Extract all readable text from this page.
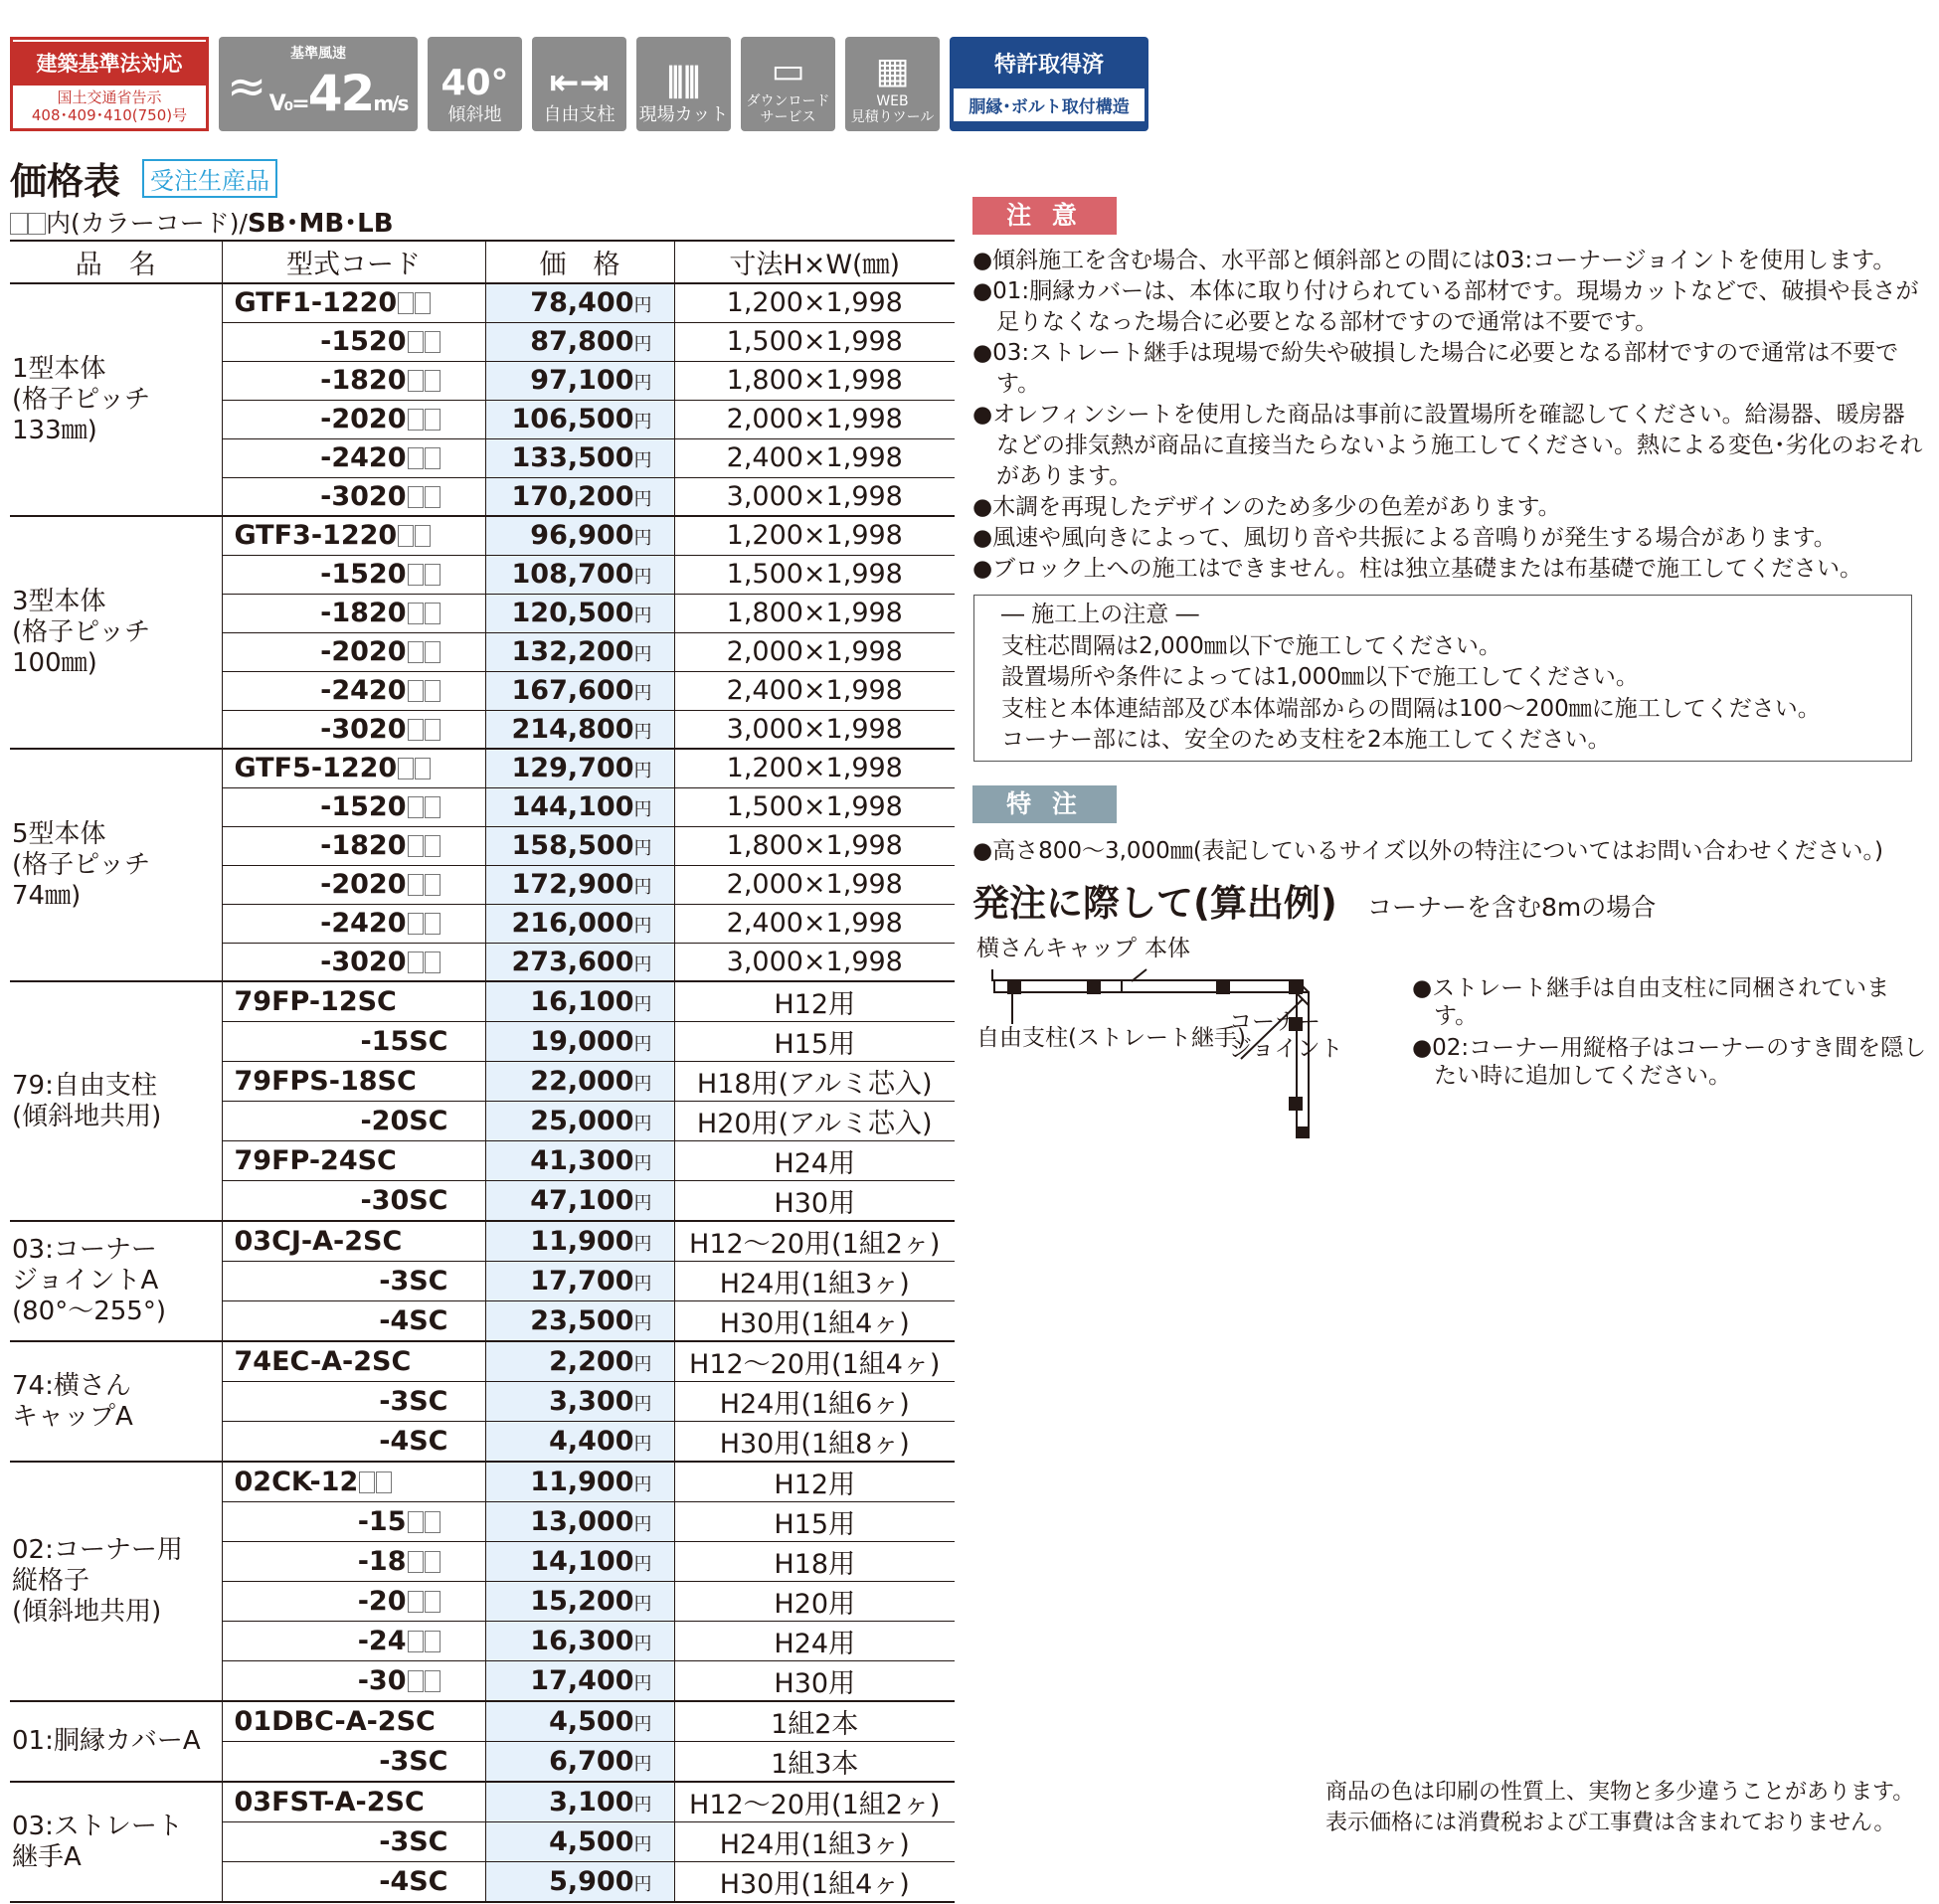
建築基準法対応
国土交通省告示
408･409･410(750)号
基準風速
≈ V₀=42m/s 40°
傾斜地
⇤⇥
自由支柱
⫼⫼
現場カット
▭
ダウンロード
サービス
▦
WEB
見積りツール
特許取得済
胴縁･ボルト取付構造
価格表	受注生産品
内(カラーコード)/SB･MB･LB
品　名	型式コード	価　格	寸法H×W(㎜)
1型本体
(格子ピッチ
133㎜)	GTF1-1220	78,400円	1,200×1,998
	-1520	87,800円	1,500×1,998
	-1820	97,100円	1,800×1,998
	-2020	106,500円	2,000×1,998
	-2420	133,500円	2,400×1,998
	-3020	170,200円	3,000×1,998
3型本体
(格子ピッチ
100㎜)	GTF3-1220	96,900円	1,200×1,998
	-1520	108,700円	1,500×1,998
	-1820	120,500円	1,800×1,998
	-2020	132,200円	2,000×1,998
	-2420	167,600円	2,400×1,998
	-3020	214,800円	3,000×1,998
5型本体
(格子ピッチ
74㎜)	GTF5-1220	129,700円	1,200×1,998
	-1520	144,100円	1,500×1,998
	-1820	158,500円	1,800×1,998
	-2020	172,900円	2,000×1,998
	-2420	216,000円	2,400×1,998
	-3020	273,600円	3,000×1,998
79:自由支柱
(傾斜地共用)	79FP-12SC	16,100円	H12用
	-15SC	19,000円	H15用
	79FPS-18SC	22,000円	H18用(アルミ芯入)
	-20SC	25,000円	H20用(アルミ芯入)
	79FP-24SC	41,300円	H24用
	-30SC	47,100円	H30用
03:コーナー
ジョイントA
(80°〜255°)	03CJ-A-2SC	11,900円	H12〜20用(1組2ヶ)
	-3SC	17,700円	H24用(1組3ヶ)
	-4SC	23,500円	H30用(1組4ヶ)
74:横さん
キャップA	74EC-A-2SC	2,200円	H12〜20用(1組4ヶ)
	-3SC	3,300円	H24用(1組6ヶ)
	-4SC	4,400円	H30用(1組8ヶ)
02:コーナー用
縦格子
(傾斜地共用)	02CK-12	11,900円	H12用
	-15	13,000円	H15用
	-18	14,100円	H18用
	-20	15,200円	H20用
	-24	16,300円	H24用
	-30	17,400円	H30用
01:胴縁カバーA	01DBC-A-2SC	4,500円	1組2本
	-3SC	6,700円	1組3本
03:ストレート
継手A	03FST-A-2SC	3,100円	H12〜20用(1組2ヶ)
	-3SC	4,500円	H24用(1組3ヶ)
	-4SC	5,900円	H30用(1組4ヶ)
注 意
●傾斜施工を含む場合、水平部と傾斜部との間には03:コーナージョイントを使用します。
●01:胴縁カバーは、本体に取り付けられている部材です。現場カットなどで、破損や長さが足りなくなった場合に必要となる部材ですので通常は不要です。
●03:ストレート継手は現場で紛失や破損した場合に必要となる部材ですので通常は不要です。
●オレフィンシートを使用した商品は事前に設置場所を確認してください。給湯器、暖房器などの排気熱が商品に直接当たらないよう施工してください。熱による変色･劣化のおそれがあります。
●木調を再現したデザインのため多少の色差があります。
●風速や風向きによって、風切り音や共振による音鳴りが発生する場合があります。
●ブロック上への施工はできません。柱は独立基礎または布基礎で施工してください。
― 施工上の注意 ―
支柱芯間隔は2,000㎜以下で施工してください。
設置場所や条件によっては1,000㎜以下で施工してください。
支柱と本体連結部及び本体端部からの間隔は100〜200㎜に施工してください。
コーナー部には、安全のため支柱を2本施工してください。
特 注
●高さ800〜3,000㎜(表記しているサイズ以外の特注についてはお問い合わせください。)
発注に際して(算出例) コーナーを含む8mの場合
横さんキャップ 本体
自由支柱(ストレート継手)
コーナー
ジョイント
●ストレート継手は自由支柱に同梱されています。
●02:コーナー用縦格子はコーナーのすき間を隠したい時に追加してください。
商品の色は印刷の性質上、実物と多少違うことがあります。
表示価格には消費税および工事費は含まれておりません。
